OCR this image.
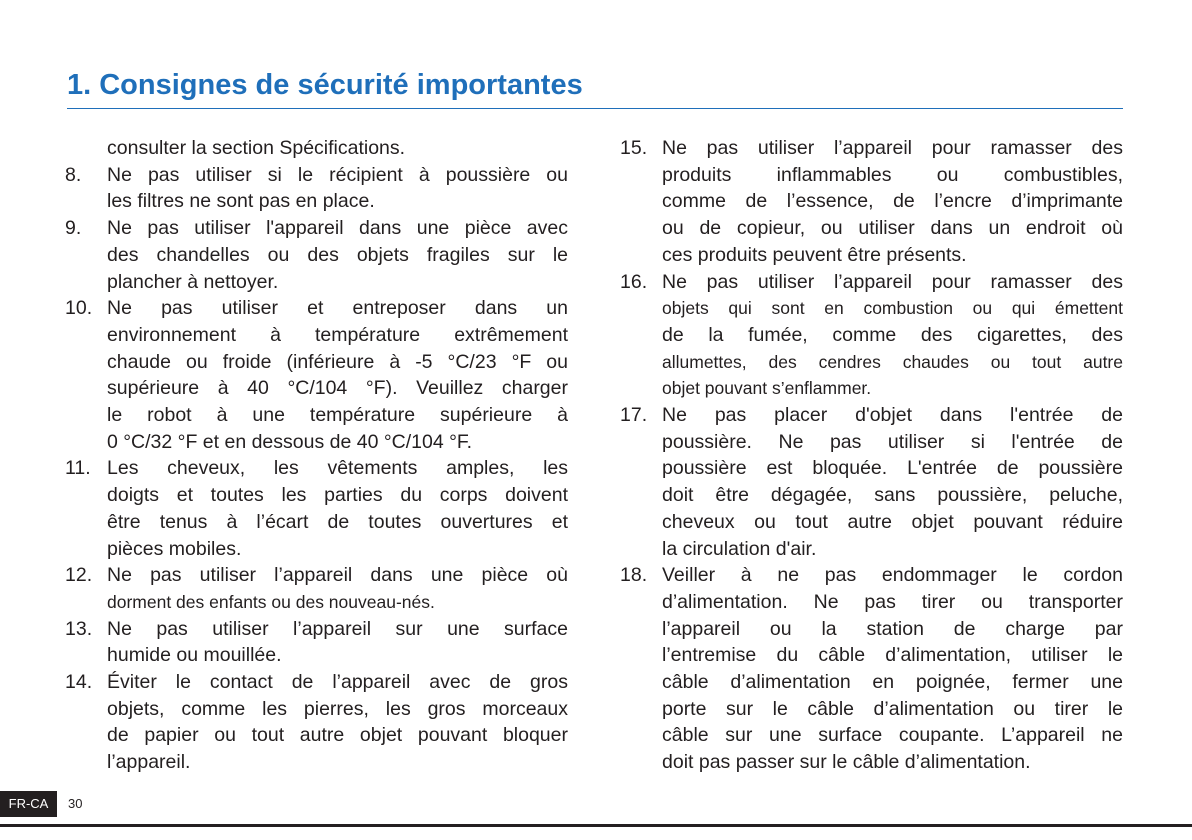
1. Consignes de sécurité importantes
consulter la section Spécifications.
8. Ne pas utiliser si le récipient à poussière ou
les filtres ne sont pas en place.
9. Ne pas utiliser l'appareil dans une pièce avec
des chandelles ou des objets fragiles sur le
plancher à nettoyer.
10. Ne pas utiliser et entreposer dans un
environnement à température extrêmement
chaude ou froide (inférieure à -5 °C/23 °F ou
supérieure à 40 °C/104 °F). Veuillez charger
le robot à une température supérieure à
0 °C/32 °F et en dessous de 40 °C/104 °F.
11. Les cheveux, les vêtements amples, les
doigts et toutes les parties du corps doivent
être tenus à l’écart de toutes ouvertures et
pièces mobiles.
12. Ne pas utiliser l’appareil dans une pièce où
dorment des enfants ou des nouveau-nés.
13. Ne pas utiliser l’appareil sur une surface
humide ou mouillée.
14. Éviter le contact de l’appareil avec de gros
objets, comme les pierres, les gros morceaux
de papier ou tout autre objet pouvant bloquer
l’appareil.
15. Ne pas utiliser l’appareil pour ramasser des
produits inflammables ou combustibles,
comme de l’essence, de l’encre d’imprimante
ou de copieur, ou utiliser dans un endroit où
ces produits peuvent être présents.
16. Ne pas utiliser l’appareil pour ramasser des
objets qui sont en combustion ou qui émettent
de la fumée, comme des cigarettes, des
allumettes, des cendres chaudes ou tout autre
objet pouvant s’enflammer.
17. Ne pas placer d'objet dans l'entrée de
poussière. Ne pas utiliser si l'entrée de
poussière est bloquée. L'entrée de poussière
doit être dégagée, sans poussière, peluche,
cheveux ou tout autre objet pouvant réduire
la circulation d'air.
18. Veiller à ne pas endommager le cordon
d’alimentation. Ne pas tirer ou transporter
l’appareil ou la station de charge par
l’entremise du câble d’alimentation, utiliser le
câble d’alimentation en poignée, fermer une
porte sur le câble d’alimentation ou tirer le
câble sur une surface coupante. L’appareil ne
doit pas passer sur le câble d’alimentation.
FR-CA	30
